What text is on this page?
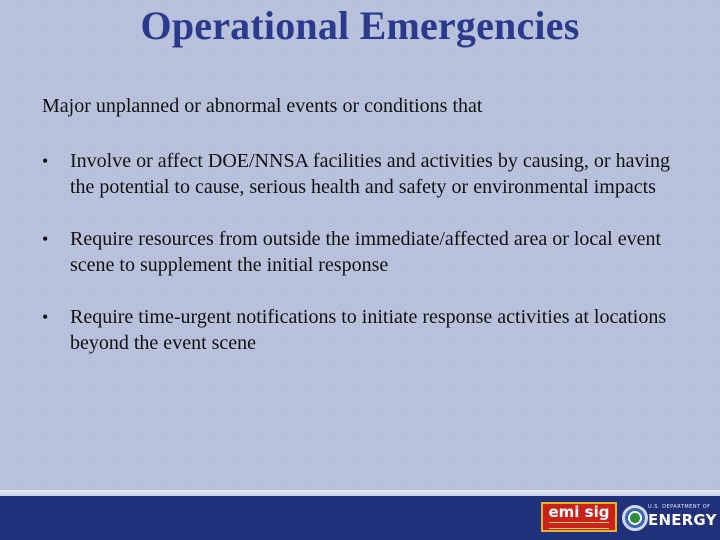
Operational Emergencies
Major unplanned or abnormal events or conditions that
• Involve or affect DOE/NNSA facilities and activities by causing, or having the potential to cause, serious health and safety or environmental impacts
• Require resources from outside the immediate/affected area or local event scene to supplement the initial response
• Require time-urgent notifications to initiate response activities at locations beyond the event scene
emi sig	U.S. DEPARTMENT OF
ENERGY
